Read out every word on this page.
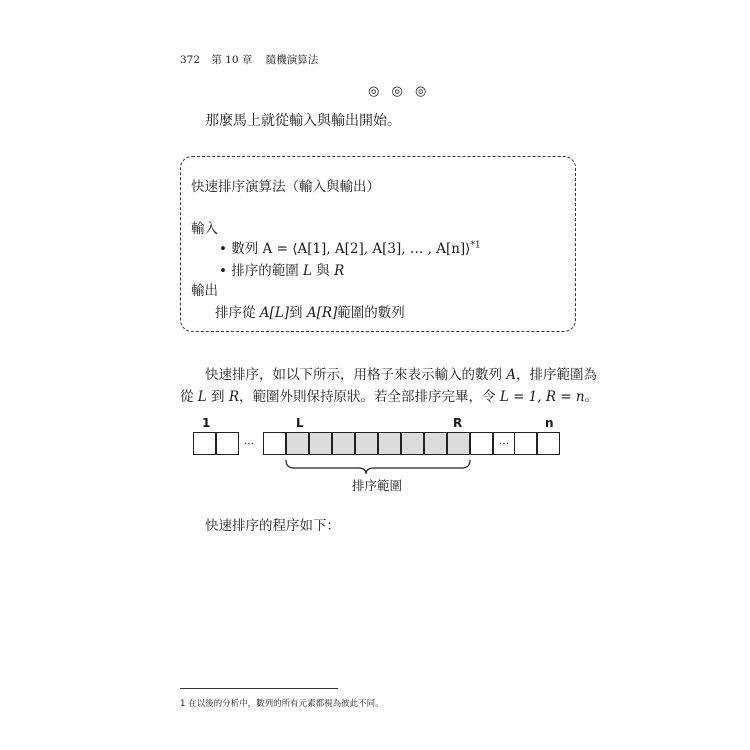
372 第 10 章 隨機演算法
◎ ◎ ◎
那麼馬上就從輸入與輸出開始。
快速排序演算法（輸入與輸出）
輸入
• 數列 A = ⟨A[1], A[2], A[3], … , A[n]⟩$^{*1}$
• 排序的範圍 L 與 R
輸出
排序從 A[L]到 A[R]範圍的數列
快速排序，如以下所示，用格子來表示輸入的數列 A，排序範圍為
從 L 到 R，範圍外則保持原狀。若全部排序完畢，令 L = 1, R = n。
1	L	R	n
…	…
排序範圍
快速排序的程序如下：
1 在以後的分析中，數列的所有元素都視為彼此不同。
